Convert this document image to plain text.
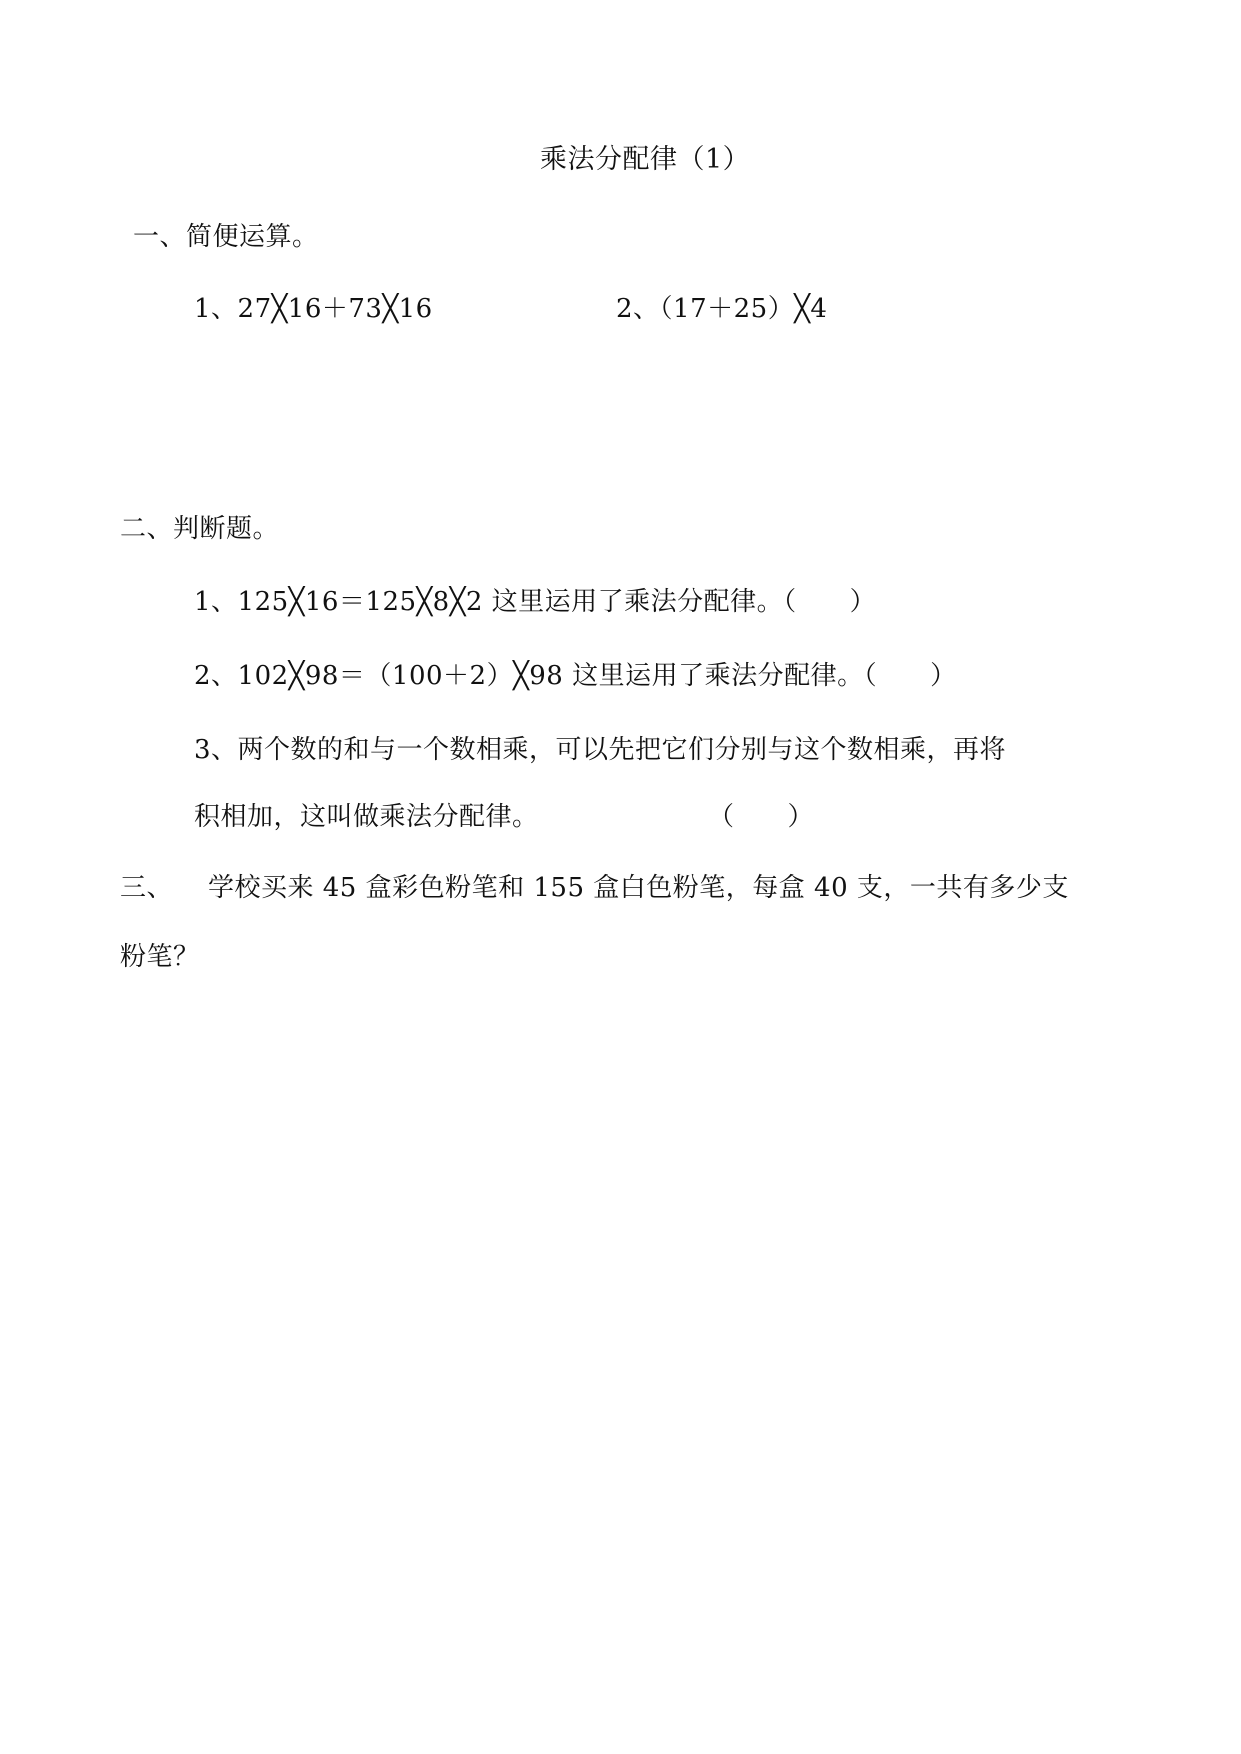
乘法分配律（1）
一、简便运算。
1、27╳16＋73╳16	2、（17＋25）╳4
二、判断题。
1、125╳16＝125╳8╳2 这里运用了乘法分配律。（　　）
2、102╳98＝（100＋2）╳98 这里运用了乘法分配律。（　　）
3、两个数的和与一个数相乘，可以先把它们分别与这个数相乘，再将
积相加，这叫做乘法分配律。	（　　）
三、 学校买来 45 盒彩色粉笔和 155 盒白色粉笔，每盒 40 支，一共有多少支
粉笔？
